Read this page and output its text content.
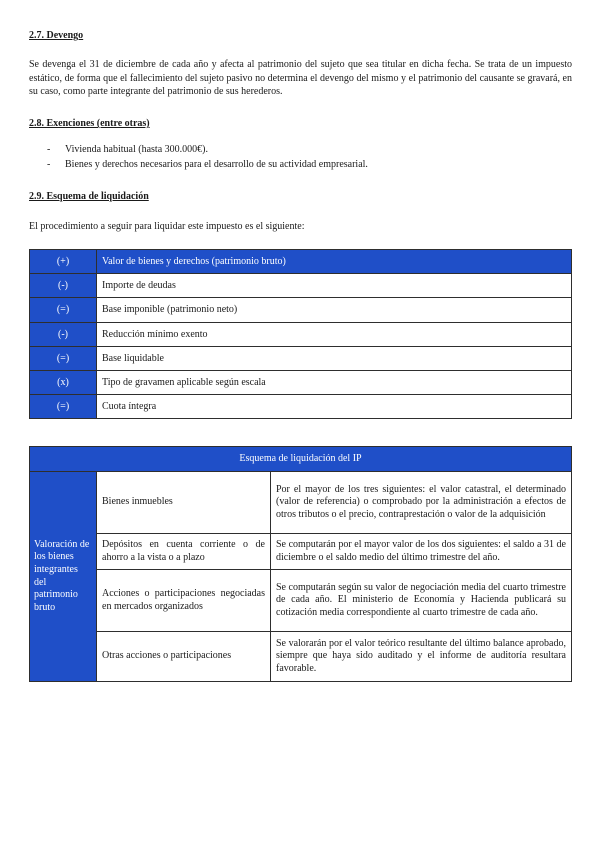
2.7. Devengo

Se devenga el 31 de diciembre de cada año y afecta al patrimonio del sujeto que sea titular en dicha fecha. Se trata de un impuesto estático, de forma que el fallecimiento del sujeto pasivo no determina el devengo del mismo y el patrimonio del causante se gravará, en su caso, como parte integrante del patrimonio de sus herederos.

2.8. Exenciones (entre otras)
- Vivienda habitual (hasta 300.000€).
- Bienes y derechos necesarios para el desarrollo de su actividad empresarial.
2.9. Esquema de liquidación

El procedimiento a seguir para liquidar este impuesto es el siguiente:

(+)	Valor de bienes y derechos (patrimonio bruto)
(-)	Importe de deudas
(=)	Base imponible (patrimonio neto)
(-)	Reducción mínimo exento
(=)	Base liquidable
(x)	Tipo de gravamen aplicable según escala
(=)	Cuota íntegra
Esquema de liquidación del IP		
Valoración de los bienes integrantes del patrimonio bruto	Bienes inmuebles	Por el mayor de los tres siguientes: el valor catastral, el determinado (valor de referencia) o comprobado por la administración a efectos de otros tributos o el precio, contraprestación o valor de la adquisición
	Depósitos en cuenta corriente o de ahorro a la vista o a plazo	Se computarán por el mayor valor de los dos siguientes: el saldo a 31 de diciembre o el saldo medio del último trimestre del año.
	Acciones o participaciones negociadas en mercados organizados	Se computarán según su valor de negociación media del cuarto trimestre de cada año. El ministerio de Economía y Hacienda publicará su cotización media correspondiente al cuarto trimestre de cada año.
	Otras acciones o participaciones	Se valorarán por el valor teórico resultante del último balance aprobado, siempre que haya sido auditado y el informe de auditoría resultara favorable.
